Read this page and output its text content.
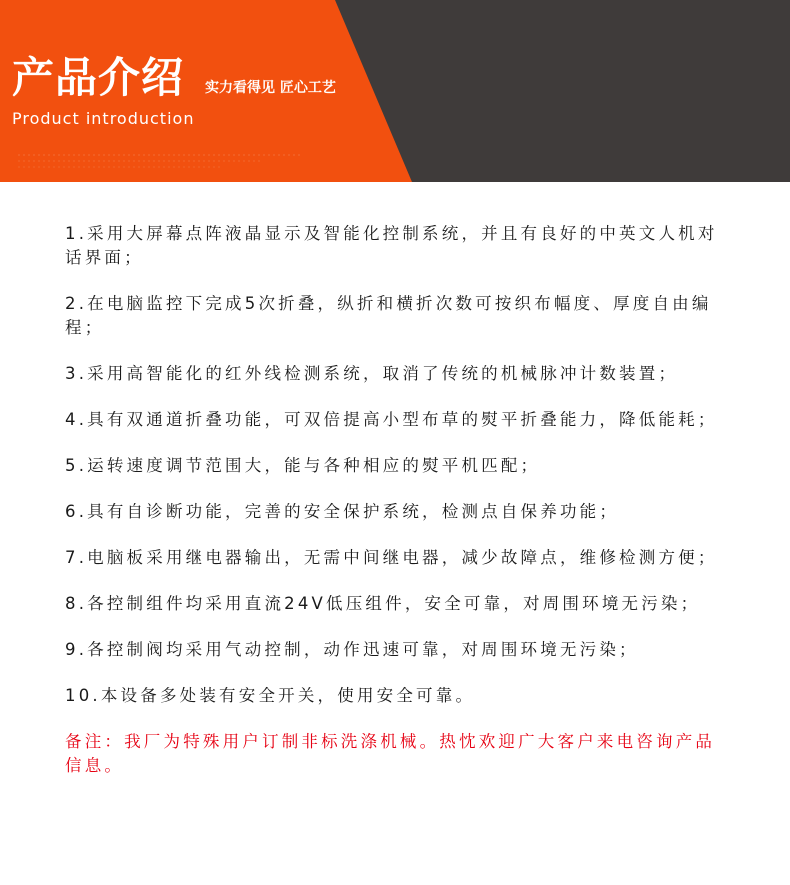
产品介绍 实力看得见 匠心工艺
Product introduction

1.采用大屏幕点阵液晶显示及智能化控制系统，并且有良好的中英文人机对话界面；

2.在电脑监控下完成5次折叠，纵折和横折次数可按织布幅度、厚度自由编程；

3.采用高智能化的红外线检测系统，取消了传统的机械脉冲计数装置；

4.具有双通道折叠功能，可双倍提高小型布草的熨平折叠能力，降低能耗；

5.运转速度调节范围大，能与各种相应的熨平机匹配；

6.具有自诊断功能，完善的安全保护系统，检测点自保养功能；

7.电脑板采用继电器输出，无需中间继电器，减少故障点，维修检测方便；

8.各控制组件均采用直流24V低压组件，安全可靠，对周围环境无污染；

9.各控制阀均采用气动控制，动作迅速可靠，对周围环境无污染；

10.本设备多处装有安全开关，使用安全可靠。

备注：我厂为特殊用户订制非标洗涤机械。热忱欢迎广大客户来电咨询产品信息。
